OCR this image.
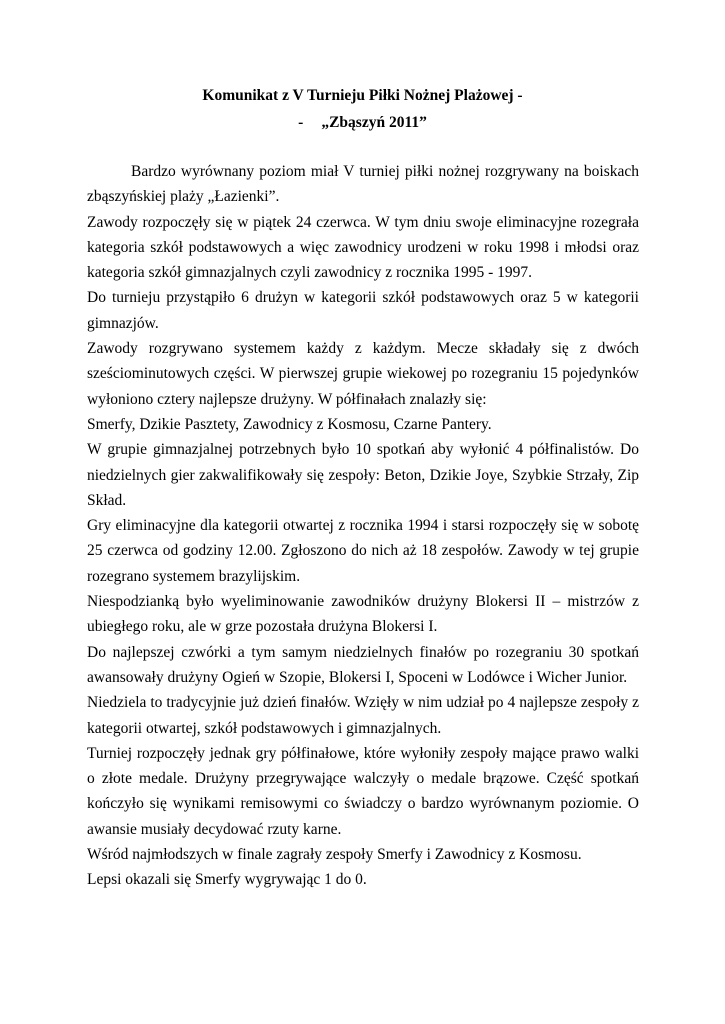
Komunikat z V Turnieju Piłki Nożnej Plażowej -
- „Zbąszyń 2011”

Bardzo wyrównany poziom miał V turniej piłki nożnej rozgrywany na boiskach zbąszyńskiej plaży „Łazienki”.

Zawody rozpoczęły się w piątek 24 czerwca. W tym dniu swoje eliminacyjne rozegrała kategoria szkół podstawowych a więc zawodnicy urodzeni w roku 1998 i młodsi oraz kategoria szkół gimnazjalnych czyli zawodnicy z rocznika 1995 - 1997.

Do turnieju przystąpiło 6 drużyn w kategorii szkół podstawowych oraz 5 w kategorii gimnazjów.

Zawody rozgrywano systemem każdy z każdym. Mecze składały się z dwóch sześciominutowych części. W pierwszej grupie wiekowej po rozegraniu 15 pojedynków wyłoniono cztery najlepsze drużyny. W półfinałach znalazły się:

Smerfy, Dzikie Pasztety, Zawodnicy z Kosmosu, Czarne Pantery.

W grupie gimnazjalnej potrzebnych było 10 spotkań aby wyłonić 4 półfinalistów. Do niedzielnych gier zakwalifikowały się zespoły: Beton, Dzikie Joye, Szybkie Strzały, Zip Skład.

Gry eliminacyjne dla kategorii otwartej z rocznika 1994 i starsi rozpoczęły się w sobotę 25 czerwca od godziny 12.00. Zgłoszono do nich aż 18 zespołów. Zawody w tej grupie rozegrano systemem brazylijskim.

Niespodzianką było wyeliminowanie zawodników drużyny Blokersi II – mistrzów z ubiegłego roku, ale w grze pozostała drużyna Blokersi I.

Do najlepszej czwórki a tym samym niedzielnych finałów po rozegraniu 30 spotkań awansowały drużyny Ogień w Szopie, Blokersi I, Spoceni w Lodówce i Wicher Junior.

Niedziela to tradycyjnie już dzień finałów. Wzięły w nim udział po 4 najlepsze zespoły z kategorii otwartej, szkół podstawowych i gimnazjalnych.

Turniej rozpoczęły jednak gry półfinałowe, które wyłoniły zespoły mające prawo walki o złote medale. Drużyny przegrywające walczyły o medale brązowe. Część spotkań kończyło się wynikami remisowymi co świadczy o bardzo wyrównanym poziomie. O awansie musiały decydować rzuty karne.

Wśród najmłodszych w finale zagrały zespoły Smerfy i Zawodnicy z Kosmosu.

Lepsi okazali się Smerfy wygrywając 1 do 0.
